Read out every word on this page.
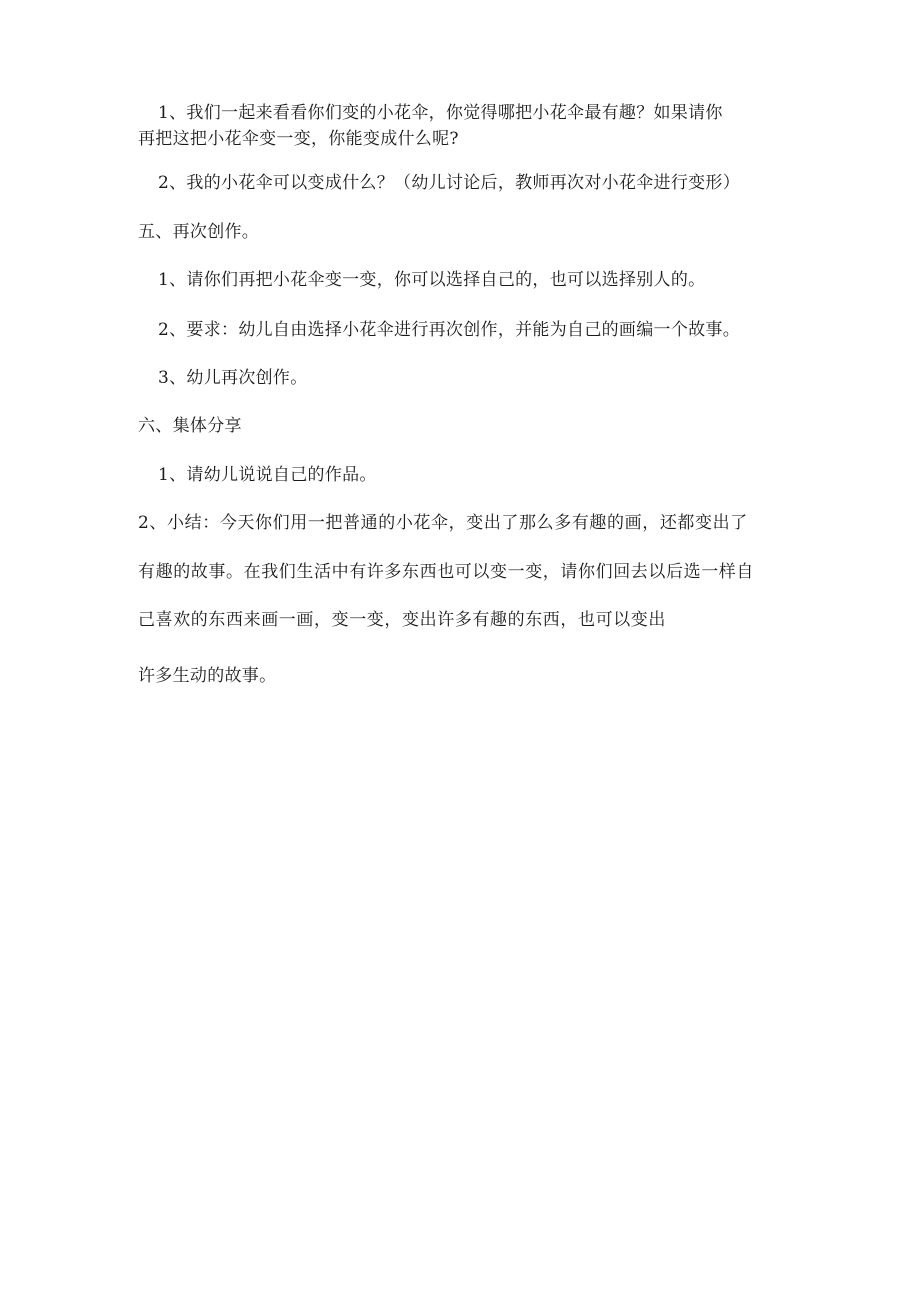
1、我们一起来看看你们变的小花伞，你觉得哪把小花伞最有趣？如果请你
再把这把小花伞变一变，你能变成什么呢?
2、我的小花伞可以变成什么？（幼儿讨论后，教师再次对小花伞进行变形）
五、再次创作。
1、请你们再把小花伞变一变，你可以选择自己的，也可以选择别人的。
2、要求：幼儿自由选择小花伞进行再次创作，并能为自己的画编一个故事。
3、幼儿再次创作。
六、集体分享
1、请幼儿说说自己的作品。
2、小结：今天你们用一把普通的小花伞，变出了那么多有趣的画，还都变出了
有趣的故事。在我们生活中有许多东西也可以变一变，请你们回去以后选一样自
己喜欢的东西来画一画，变一变，变出许多有趣的东西，也可以变出
许多生动的故事。
